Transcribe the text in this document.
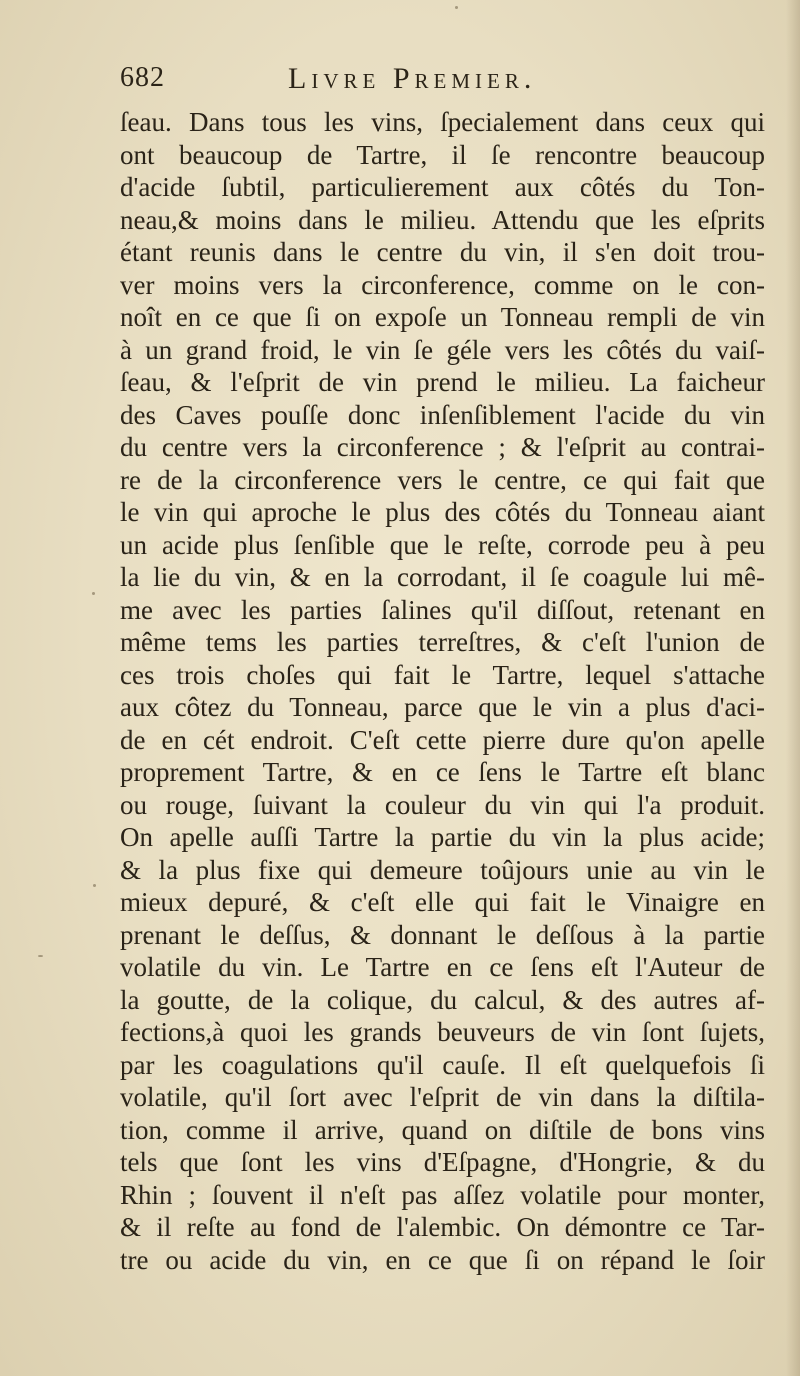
682	Livre Premier.
ſeau. Dans tous les vins, ſpecialement dans ceux qui
ont beaucoup de Tartre, il ſe rencontre beaucoup
d'acide ſubtil, particulierement aux côtés du Ton-
neau,& moins dans le milieu. Attendu que les eſprits
étant reunis dans le centre du vin, il s'en doit trou-
ver moins vers la circonference, comme on le con-
noît en ce que ſi on expoſe un Tonneau rempli de vin
à un grand froid, le vin ſe géle vers les côtés du vaiſ-
ſeau, & l'eſprit de vin prend le milieu. La faicheur
des Caves pouſſe donc inſenſiblement l'acide du vin
du centre vers la circonference ; & l'eſprit au contrai-
re de la circonference vers le centre, ce qui fait que
le vin qui aproche le plus des côtés du Tonneau aiant
un acide plus ſenſible que le reſte, corrode peu à peu
la lie du vin, & en la corrodant, il ſe coagule lui mê-
me avec les parties ſalines qu'il diſſout, retenant en
même tems les parties terreſtres, & c'eſt l'union de
ces trois choſes qui fait le Tartre, lequel s'attache
aux côtez du Tonneau, parce que le vin a plus d'aci-
de en cét endroit. C'eſt cette pierre dure qu'on apelle
proprement Tartre, & en ce ſens le Tartre eſt blanc
ou rouge, ſuivant la couleur du vin qui l'a produit.
On apelle auſſi Tartre la partie du vin la plus acide;
& la plus fixe qui demeure toûjours unie au vin le
mieux depuré, & c'eſt elle qui fait le Vinaigre en
prenant le deſſus, & donnant le deſſous à la partie
volatile du vin. Le Tartre en ce ſens eſt l'Auteur de
la goutte, de la colique, du calcul, & des autres af-
fections,à quoi les grands beuveurs de vin ſont ſujets,
par les coagulations qu'il cauſe. Il eſt quelquefois ſi
volatile, qu'il ſort avec l'eſprit de vin dans la diſtila-
tion, comme il arrive, quand on diſtile de bons vins
tels que ſont les vins d'Eſpagne, d'Hongrie, & du
Rhin ; ſouvent il n'eſt pas aſſez volatile pour monter,
& il reſte au fond de l'alembic. On démontre ce Tar-
tre ou acide du vin, en ce que ſi on répand le ſoir
